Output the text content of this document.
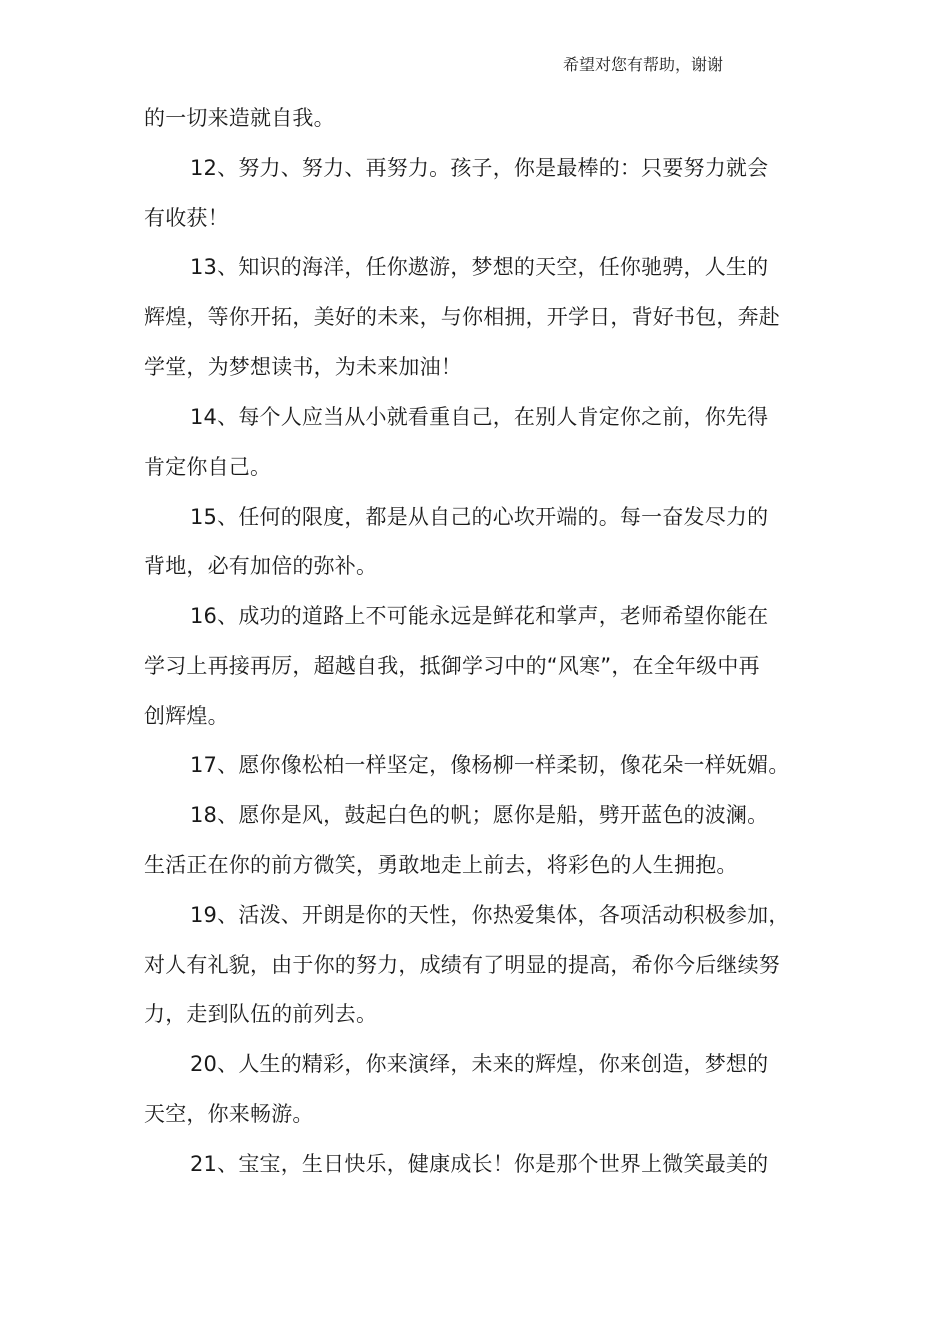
希望对您有帮助，谢谢
的一切来造就自我。
12、努力、努力、再努力。孩子，你是最棒的：只要努力就会
有收获！
13、知识的海洋，任你遨游，梦想的天空，任你驰骋，人生的
辉煌，等你开拓，美好的未来，与你相拥，开学日，背好书包，奔赴
学堂，为梦想读书，为未来加油！
14、每个人应当从小就看重自己，在别人肯定你之前，你先得
肯定你自己。
15、任何的限度，都是从自己的心坎开端的。每一奋发尽力的
背地，必有加倍的弥补。
16、成功的道路上不可能永远是鲜花和掌声，老师希望你能在
学习上再接再厉，超越自我，抵御学习中的“风寒”，在全年级中再
创辉煌。
17、愿你像松柏一样坚定，像杨柳一样柔韧，像花朵一样妩媚。
18、愿你是风，鼓起白色的帆；愿你是船，劈开蓝色的波澜。
生活正在你的前方微笑，勇敢地走上前去，将彩色的人生拥抱。
19、活泼、开朗是你的天性，你热爱集体，各项活动积极参加，
对人有礼貌，由于你的努力，成绩有了明显的提高，希你今后继续努
力，走到队伍的前列去。
20、人生的精彩，你来演绎，未来的辉煌，你来创造，梦想的
天空，你来畅游。
21、宝宝，生日快乐，健康成长！你是那个世界上微笑最美的
